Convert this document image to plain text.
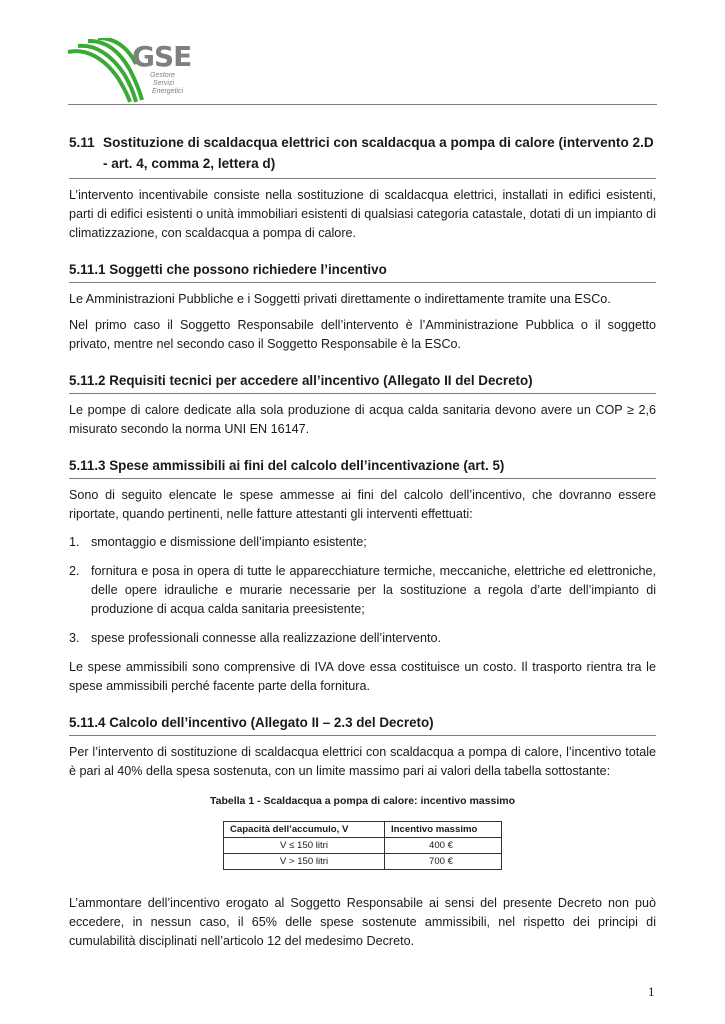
GSE
Gestore
Servizi
Energetici
5.11 Sostituzione di scaldacqua elettrici con scaldacqua a pompa di calore (intervento 2.D - art. 4, comma 2, lettera d)

L’intervento incentivabile consiste nella sostituzione di scaldacqua elettrici, installati in edifici esistenti, parti di edifici esistenti o unità immobiliari esistenti di qualsiasi categoria catastale, dotati di un impianto di climatizzazione, con scaldacqua a pompa di calore.

5.11.1 Soggetti che possono richiedere l’incentivo

Le Amministrazioni Pubbliche e i Soggetti privati direttamente o indirettamente tramite una ESCo.

Nel primo caso il Soggetto Responsabile dell’intervento è l’Amministrazione Pubblica o il soggetto privato, mentre nel secondo caso il Soggetto Responsabile è la ESCo.

5.11.2 Requisiti tecnici per accedere all’incentivo (Allegato II del Decreto)

Le pompe di calore dedicate alla sola produzione di acqua calda sanitaria devono avere un COP ≥ 2,6 misurato secondo la norma UNI EN 16147.

5.11.3 Spese ammissibili ai fini del calcolo dell’incentivazione (art. 5)

Sono di seguito elencate le spese ammesse ai fini del calcolo dell’incentivo, che dovranno essere riportate, quando pertinenti, nelle fatture attestanti gli interventi effettuati:

1. smontaggio e dismissione dell’impianto esistente;
2. fornitura e posa in opera di tutte le apparecchiature termiche, meccaniche, elettriche ed elettroniche, delle opere idrauliche e murarie necessarie per la sostituzione a regola d’arte dell’impianto di produzione di acqua calda sanitaria preesistente;
3. spese professionali connesse alla realizzazione dell’intervento.

Le spese ammissibili sono comprensive di IVA dove essa costituisce un costo. Il trasporto rientra tra le spese ammissibili perché facente parte della fornitura.

5.11.4 Calcolo dell’incentivo (Allegato II – 2.3 del Decreto)

Per l’intervento di sostituzione di scaldacqua elettrici con scaldacqua a pompa di calore, l’incentivo totale è pari al 40% della spesa sostenuta, con un limite massimo pari ai valori della tabella sottostante:

Tabella 1 - Scaldacqua a pompa di calore: incentivo massimo
Capacità dell’accumulo, V	Incentivo massimo
V ≤ 150 litri	400 €
V > 150 litri	700 €

L’ammontare dell’incentivo erogato al Soggetto Responsabile ai sensi del presente Decreto non può eccedere, in nessun caso, il 65% delle spese sostenute ammissibili, nel rispetto dei principi di cumulabilità disciplinati nell’articolo 12 del medesimo Decreto.

1
